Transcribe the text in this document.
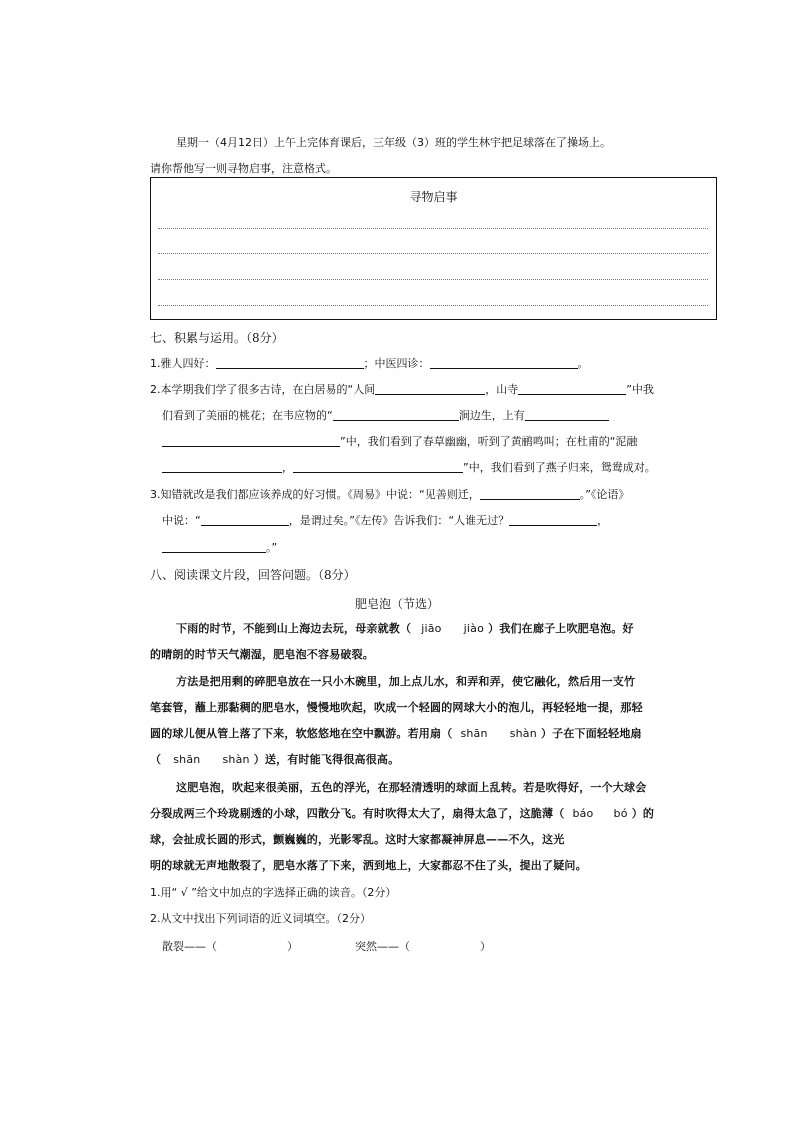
星期一（4月12日）上午上完体育课后，三年级（3）班的学生林宇把足球落在了操场上。
请你帮他写一则寻物启事，注意格式。
寻物启事
七、积累与运用。（8分）
1.雅人四好：	；中医四诊：	。
2.本学期我们学了很多古诗，在白居易的“人间	，山寺	”中我
们看到了美丽的桃花；在韦应物的“	涧边生，上有
”中，我们看到了春草幽幽，听到了黄鹂鸣叫；在杜甫的“泥融
，	”中，我们看到了燕子归来，鸳鸯成对。
3.知错就改是我们都应该养成的好习惯。《周易》中说：“见善则迁，	。”《论语》
中说：“	，是谓过矣。”《左传》告诉我们：“人谁无过？	，
。”
八、阅读课文片段，回答问题。（8分）
肥皂泡（节选）
下雨的时节，不能到山上海边去玩，母亲就教（ jiāo jiào ）我们在廊子上吹肥皂泡。好
的晴朗的时节天气潮湿，肥皂泡不容易破裂。
方法是把用剩的碎肥皂放在一只小木碗里，加上点儿水，和弄和弄，使它融化，然后用一支竹
笔套管，蘸上那黏稠的肥皂水，慢慢地吹起，吹成一个轻圆的网球大小的泡儿，再轻轻地一提，那轻
圆的球儿便从管上落了下来，软悠悠地在空中飘游。若用扇（ shān shàn ）子在下面轻轻地扇
（ shān shàn ）送，有时能飞得很高很高。
这肥皂泡，吹起来很美丽，五色的浮光，在那轻清透明的球面上乱转。若是吹得好，一个大球会
分裂成两三个玲珑剔透的小球，四散分飞。有时吹得太大了，扇得太急了，这脆薄（ báo bó ）的
球，会扯成长圆的形式，颤巍巍的，光影零乱。这时大家都凝神屏息——不久，这光
明的球就无声地散裂了，肥皂水落了下来，洒到地上，大家都忍不住了头，提出了疑问。
1.用“ √ ”给文中加点的字选择正确的读音。（2分）
2.从文中找出下列词语的近义词填空。（2分）
散裂——（	）	突然——（	）
